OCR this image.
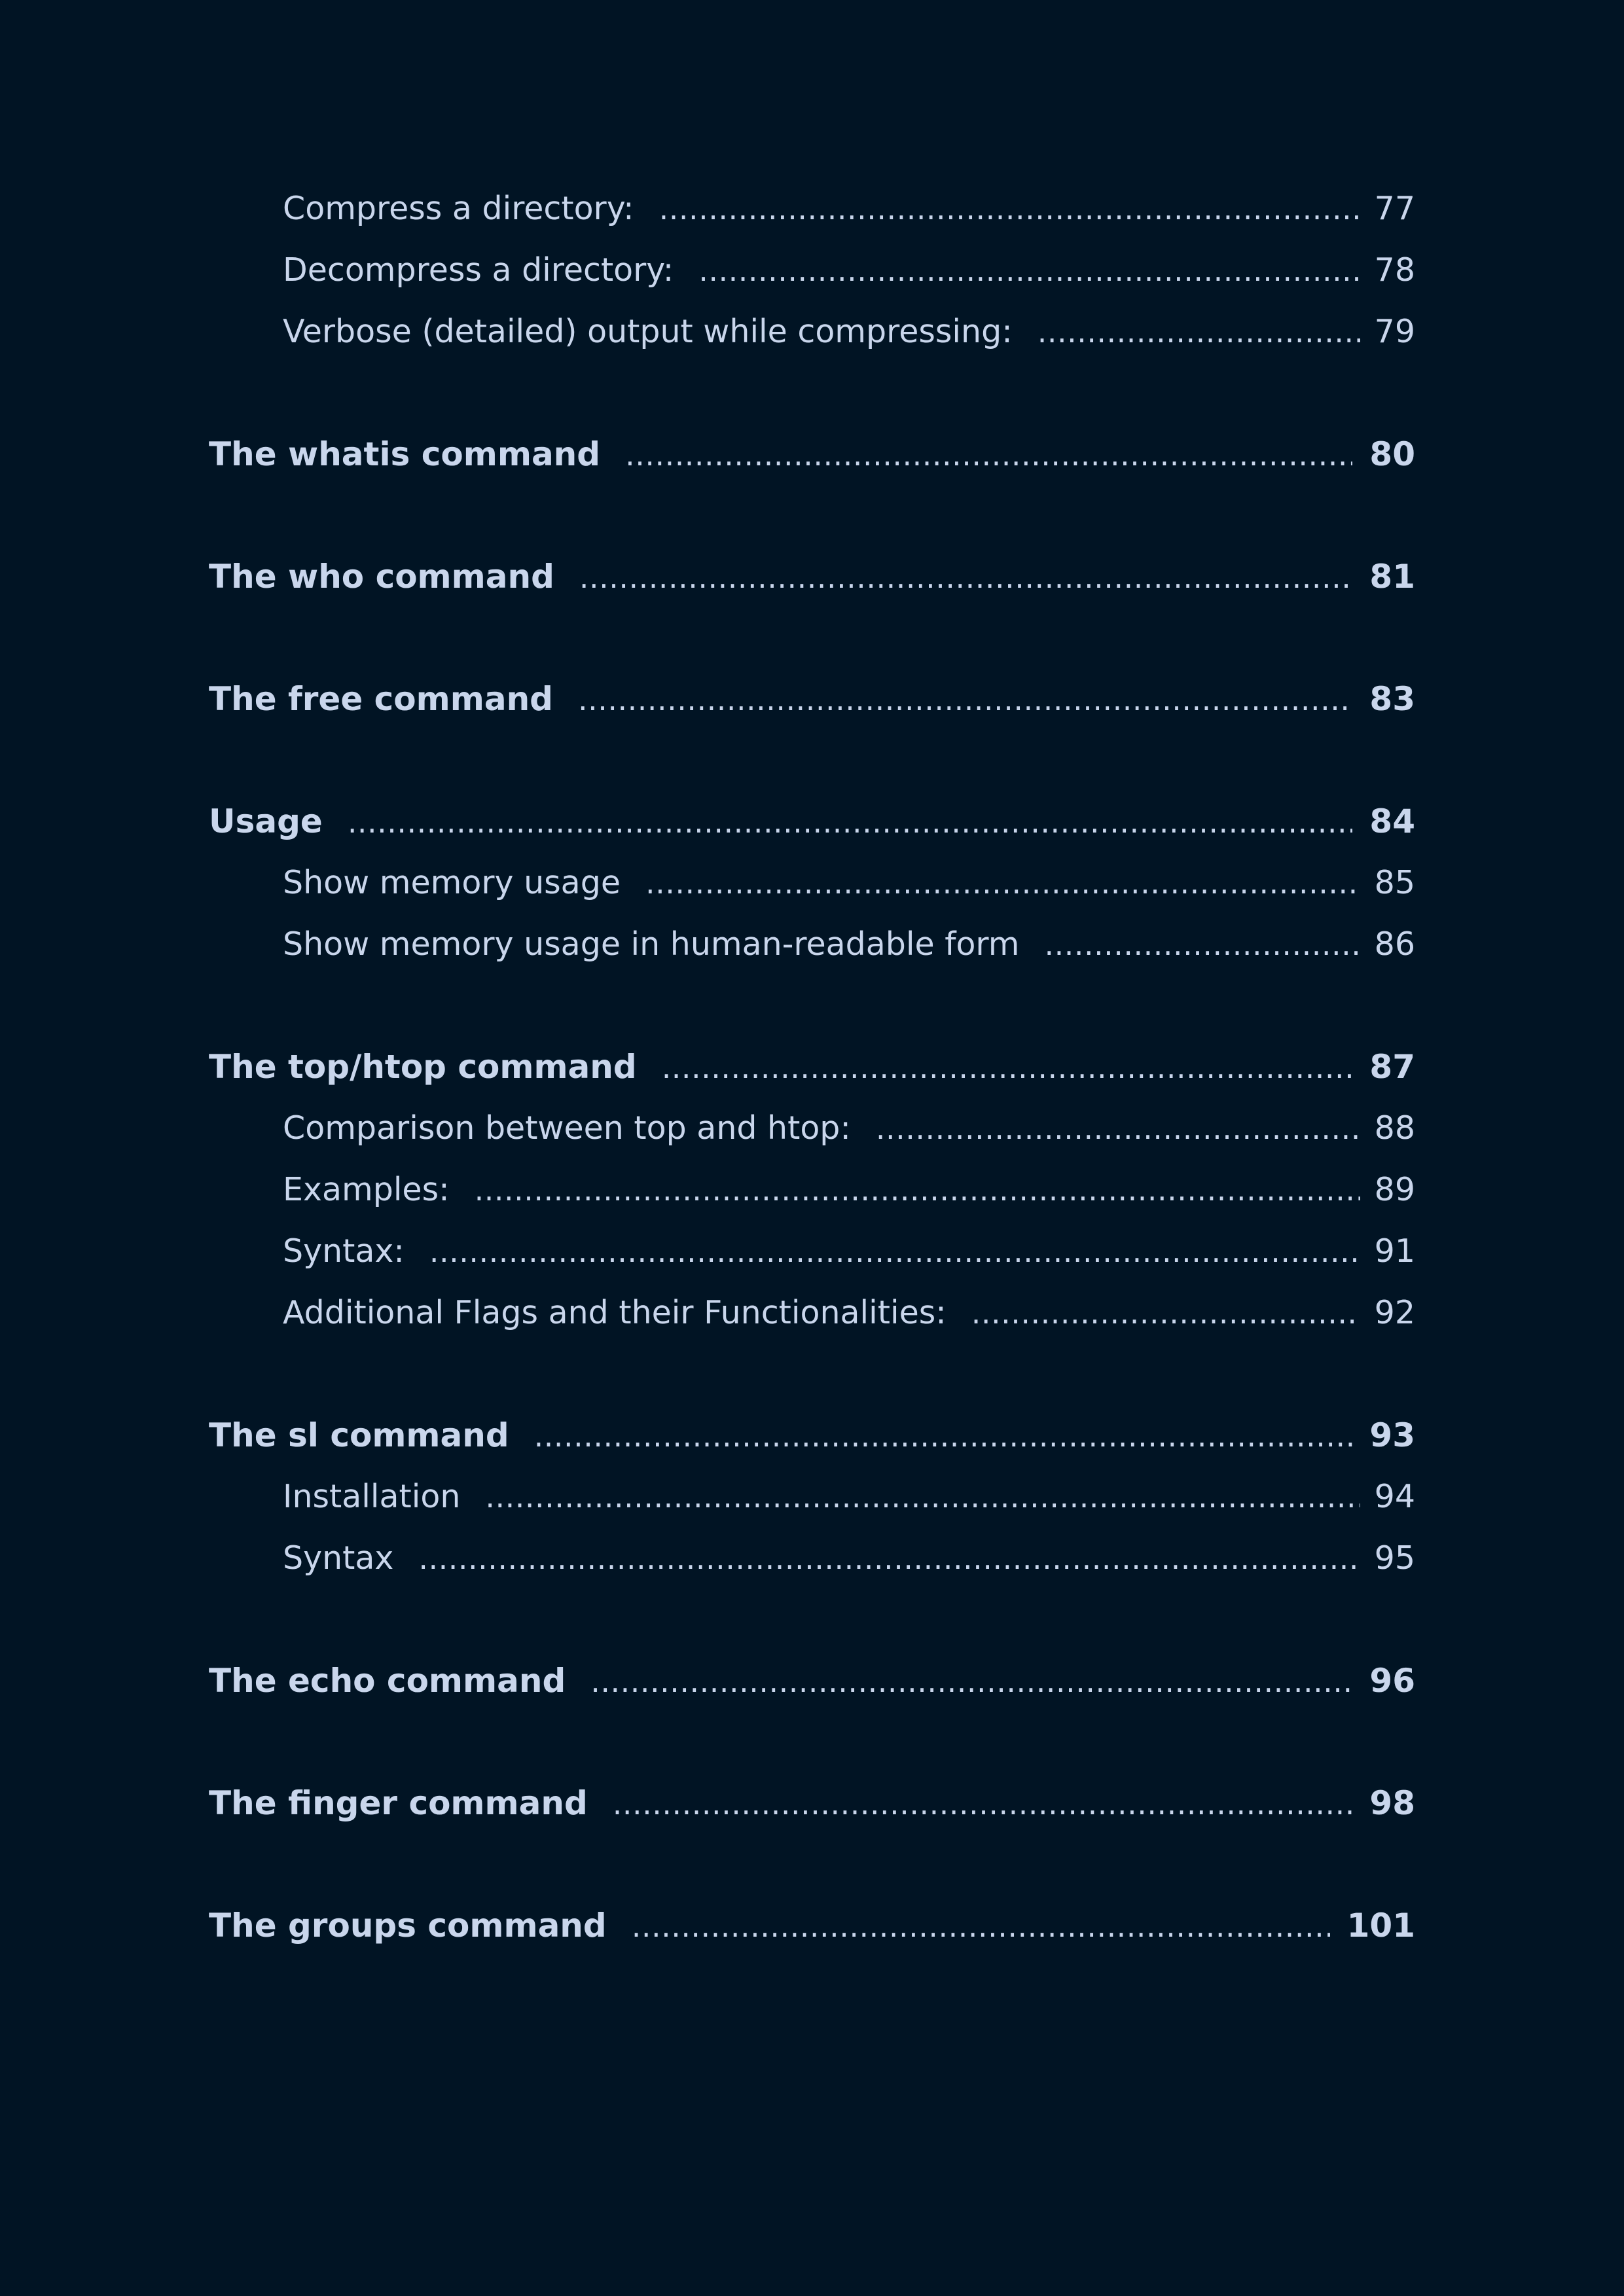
Compress a directory: .....	77
Decompress a directory: .....	78
Verbose (detailed) output while compressing: .....	79
The whatis command .....	80
The who command .....	81
The free command .....	83
Usage .....	84
Show memory usage .....	85
Show memory usage in human-readable form .....	86
The top/htop command .....	87
Comparison between top and htop: .....	88
Examples: .....	89
Syntax: .....	91
Additional Flags and their Functionalities: .....	92
The sl command .....	93
Installation .....	94
Syntax .....	95
The echo command .....	96
The finger command .....	98
The groups command .....	101
